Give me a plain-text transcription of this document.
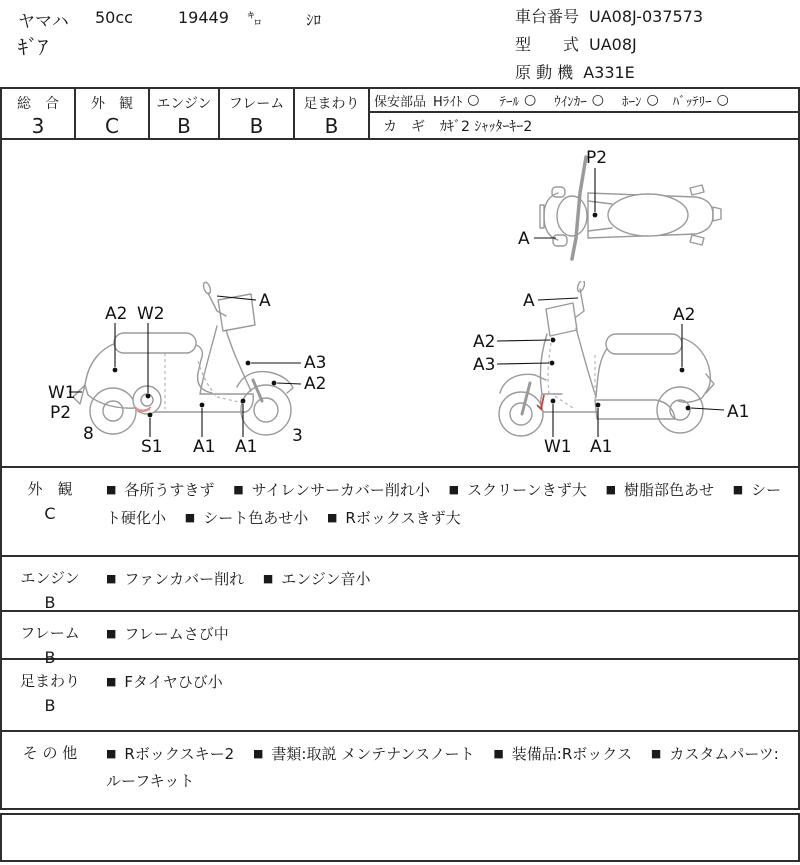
ヤマハ 50cc	19449 ㌔	ｼﾛ
ｷﾞｱ
車台番号 UA08J-037573
型　　式 UA08J
原 動 機 A331E
総　合
3
外　観
C
エンジン
B
フレーム
B
足まわり
B
保安部品 Hﾗｲﾄ ○ ﾃｰﾙ ○ ｳｲﾝｶｰ ○ ﾎｰﾝ ○ ﾊﾞｯﾃﾘｰ ○
カ　ギ ｶｷﾞ2 ｼｬｯﾀｰｷｰ2
P2
A
A
A2 W2
A3
A2
W1
P2
8
S1 A1 A1
3
A
A2
A3
A2
A1
W1 A1
外　観
C
■ 各所うすきず ■ サイレンサーカバー削れ小 ■ スクリーンきず大 ■ 樹脂部色あせ ■ シート硬化小 ■ シート色あせ小 ■ Rボックスきず大
エンジン
B
■ ファンカバー削れ ■ エンジン音小
フレーム
B
■ フレームさび中
足まわり
B
■ Fタイヤひび小
そ の 他	■ Rボックスキー2 ■ 書類:取説 メンテナンスノート ■ 装備品:Rボックス ■ カスタムパーツ:ルーフキット
